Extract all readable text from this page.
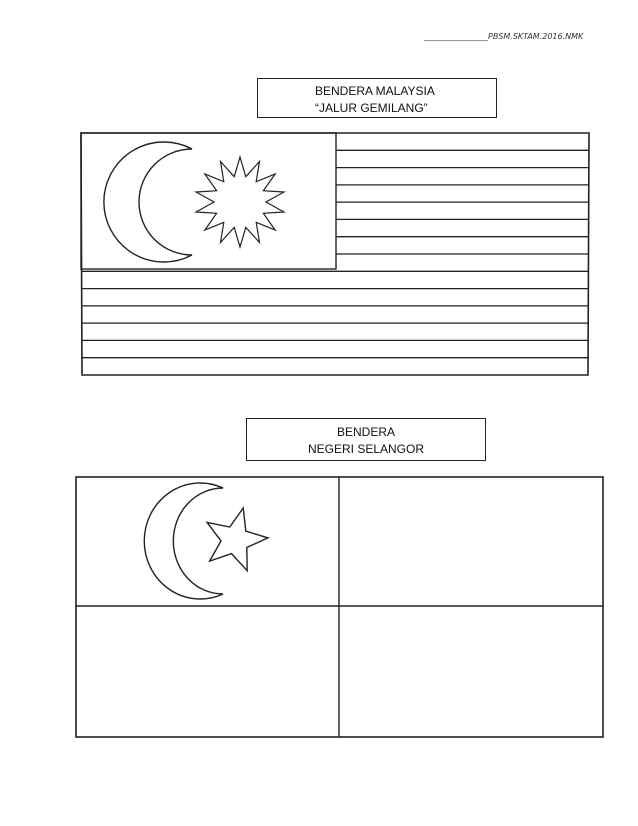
________________PBSM.SKTAM.2016.NMK
BENDERA MALAYSIA
“JALUR GEMILANG”
BENDERA
NEGERI SELANGOR
